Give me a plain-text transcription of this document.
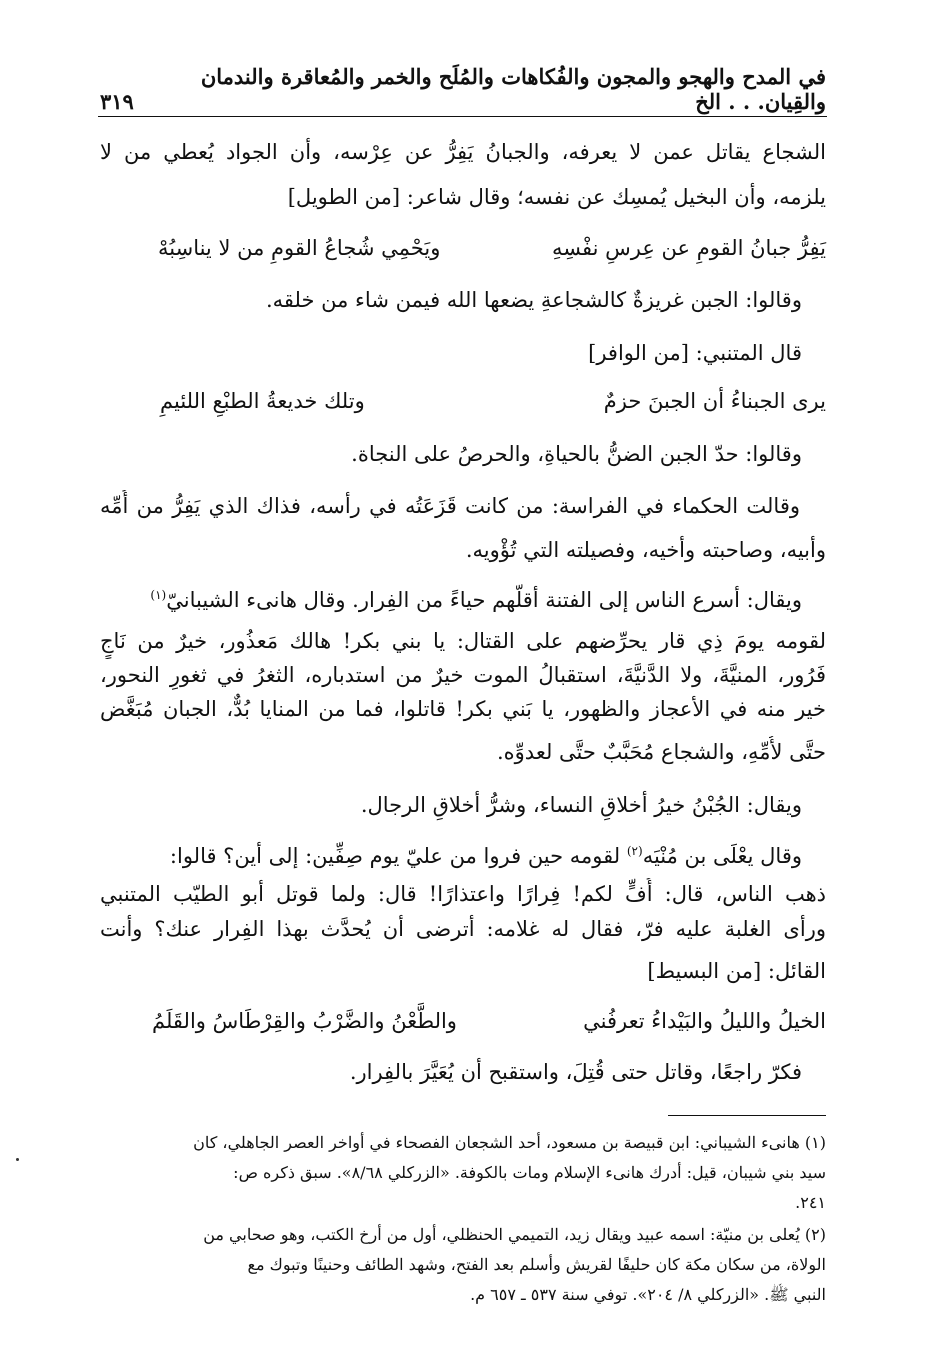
في المدح والهجو والمجون والفُكاهات والمُلَح والخمر والمُعاقرة والندمان والقِيان. . . الخ
٣١٩
الشجاع يقاتل عمن لا يعرفه، والجبانُ يَفِرُّ عن عِرْسه، وأن الجواد يُعطي من لا
يلزمه، وأن البخيل يُمسِك عن نفسه؛ وقال شاعر: [من الطويل]
يَفِرُّ جبانُ القومِ عن عِرسِ نفْسِهِ
ويَحْمِي شُجاعُ القومِ من لا يناسِبُهْ
وقالوا: الجبن غريزةٌ كالشجاعةِ يضعها الله فيمن شاء من خلقه.
قال المتنبي: [من الوافر]
يرى الجبناءُ أن الجبنَ حزمٌ
وتلك خديعةُ الطبْعِ اللئيمِ
وقالوا: حدّ الجبن الضنُّ بالحياةِ، والحرصُ على النجاة.
وقالت الحكماء في الفراسة: من كانت قَزَعَتُه في رأسه، فذاك الذي يَفِرُّ من أُمِّه
وأبيه، وصاحبته وأخيه، وفصيلته التي تُؤْويه.
ويقال: أسرع الناس إلى الفتنة أقلّهم حياءً من الفِرار. وقال هانىء الشيبانيّ$^{(١)}$
لقومه يومَ ذِي قار يحرِّضهم على القتال: يا بني بكر! هالك مَعذُور، خيرٌ من نَاجٍ
فَرُور، المنيَّةَ، ولا الدَّنيَّةَ، استقبالُ الموت خيرٌ من استدباره، الثغرُ في ثغورِ النحور،
خير منه في الأعجاز والظهور، يا بَني بكر! قاتلوا، فما من المنايا بُدٌّ، الجبان مُبَغَّض
حتَّى لأُمِّهِ، والشجاع مُحَبَّبٌ حتَّى لعدوِّه.
ويقال: الجُبْنُ خيرُ أخلاقِ النساء، وشرُّ أخلاقِ الرجال.
وقال يعْلَى بن مُنْيَه$^{(٢)}$ لقومه حين فروا من عليّ يوم صِفِّين: إلى أين؟ قالوا:
ذهب الناس، قال: أُفٍّ لكم! فِرارًا واعتذارًا! قال: ولما قوتل أبو الطيّب المتنبي
ورأى الغلبة عليه فرّ، فقال له غلامه: أترضى أن يُحدَّث بهذا الفِرار عنك؟ وأنت
القائل: [من البسيط]
الخيلُ والليلُ والبَيْداءُ تعرفُني
والطَّعْنُ والضَّرْبُ والقِرْطَاسُ والقَلَمُ
فكرّ راجعًا، وقاتل حتى قُتِلَ، واستقبح أن يُعَيَّرَ بالفِرار.
(١) هانىء الشيباني: ابن قبيصة بن مسعود، أحد الشجعان الفصحاء في أواخر العصر الجاهلي، كان
سيد بني شيبان، قيل: أدرك هانىء الإسلام ومات بالكوفة. «الزركلي ٨/٦٨». سبق ذكره ص:
٢٤١.
(٢) يُعلى بن منيّة: اسمه عبيد ويقال زيد، التميمي الحنظلي، أول من أرخ الكتب، وهو صحابي من
الولاة، من سكان مكة كان حليفًا لقريش وأسلم بعد الفتح، وشهد الطائف وحنينًا وتبوك مع
النبي ﷺ. «الزركلي ٨/ ٢٠٤». توفي سنة ٥٣٧ ـ ٦٥٧ م.
